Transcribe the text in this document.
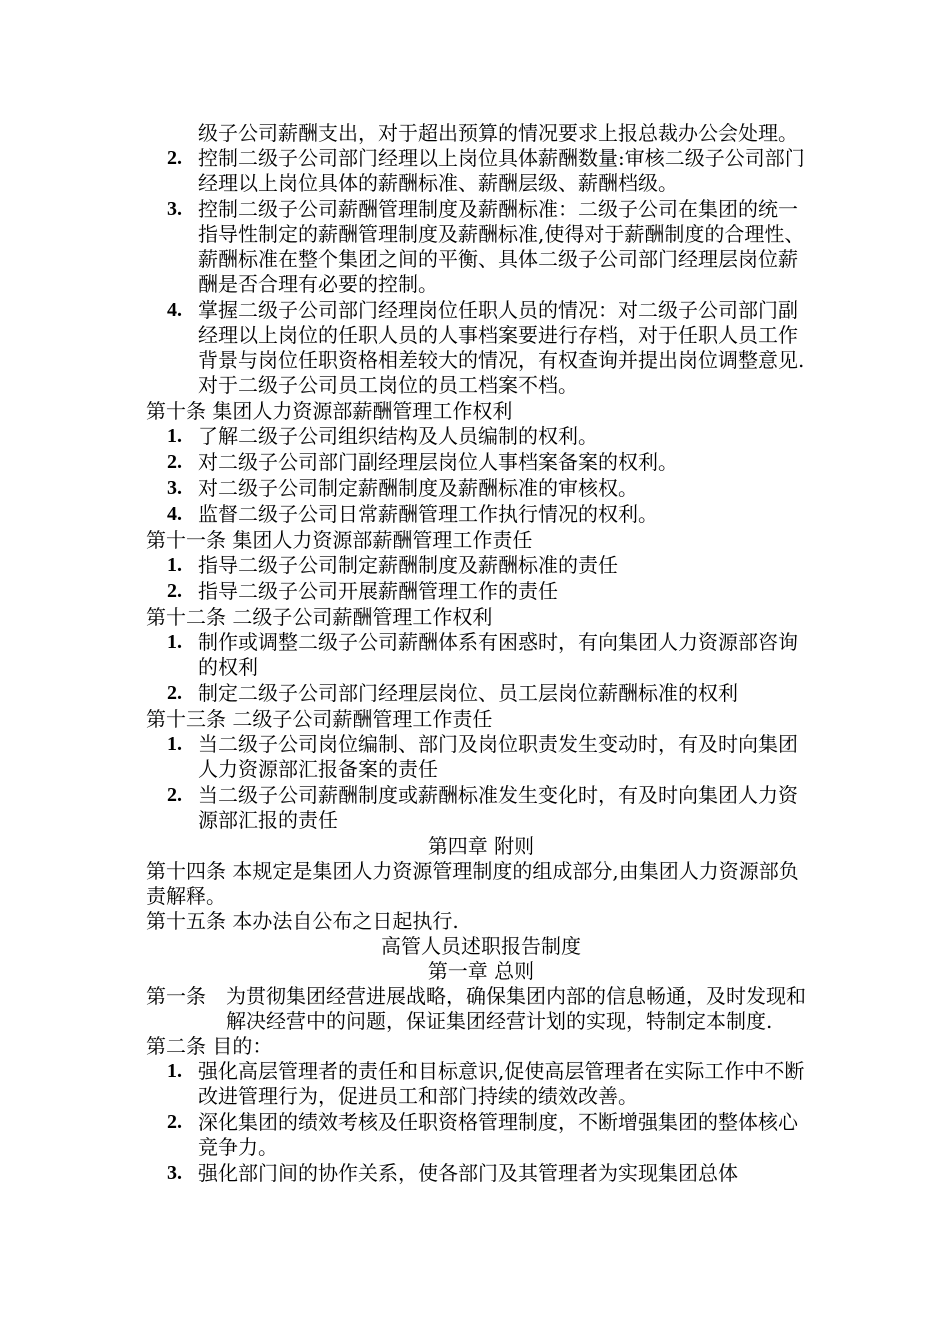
级子公司薪酬支出，对于超出预算的情况要求上报总裁办公会处理。

2. 控制二级子公司部门经理以上岗位具体薪酬数量:审核二级子公司部门经理以上岗位具体的薪酬标准、薪酬层级、薪酬档级。
3. 控制二级子公司薪酬管理制度及薪酬标准：二级子公司在集团的统一指导性制定的薪酬管理制度及薪酬标准,使得对于薪酬制度的合理性、薪酬标准在整个集团之间的平衡、具体二级子公司部门经理层岗位薪酬是否合理有必要的控制。
4. 掌握二级子公司部门经理岗位任职人员的情况：对二级子公司部门副经理以上岗位的任职人员的人事档案要进行存档，对于任职人员工作背景与岗位任职资格相差较大的情况，有权查询并提出岗位调整意见.对于二级子公司员工岗位的员工档案不档。

第十条 集团人力资源部薪酬管理工作权利

1. 了解二级子公司组织结构及人员编制的权利。
2. 对二级子公司部门副经理层岗位人事档案备案的权利。
3. 对二级子公司制定薪酬制度及薪酬标准的审核权。
4. 监督二级子公司日常薪酬管理工作执行情况的权利。

第十一条 集团人力资源部薪酬管理工作责任

1. 指导二级子公司制定薪酬制度及薪酬标准的责任
2. 指导二级子公司开展薪酬管理工作的责任

第十二条 二级子公司薪酬管理工作权利

1. 制作或调整二级子公司薪酬体系有困惑时，有向集团人力资源部咨询的权利
2. 制定二级子公司部门经理层岗位、员工层岗位薪酬标准的权利

第十三条 二级子公司薪酬管理工作责任

1. 当二级子公司岗位编制、部门及岗位职责发生变动时，有及时向集团人力资源部汇报备案的责任
2. 当二级子公司薪酬制度或薪酬标准发生变化时，有及时向集团人力资源部汇报的责任

第四章 附则

第十四条 本规定是集团人力资源管理制度的组成部分,由集团人力资源部负责解释。

第十五条 本办法自公布之日起执行.

高管人员述职报告制度

第一章 总则

第一条 为贯彻集团经营进展战略，确保集团内部的信息畅通，及时发现和解决经营中的问题，保证集团经营计划的实现，特制定本制度.

第二条 目的：

1. 强化高层管理者的责任和目标意识,促使高层管理者在实际工作中不断改进管理行为，促进员工和部门持续的绩效改善。
2. 深化集团的绩效考核及任职资格管理制度，不断增强集团的整体核心竞争力。
3. 强化部门间的协作关系，使各部门及其管理者为实现集团总体
